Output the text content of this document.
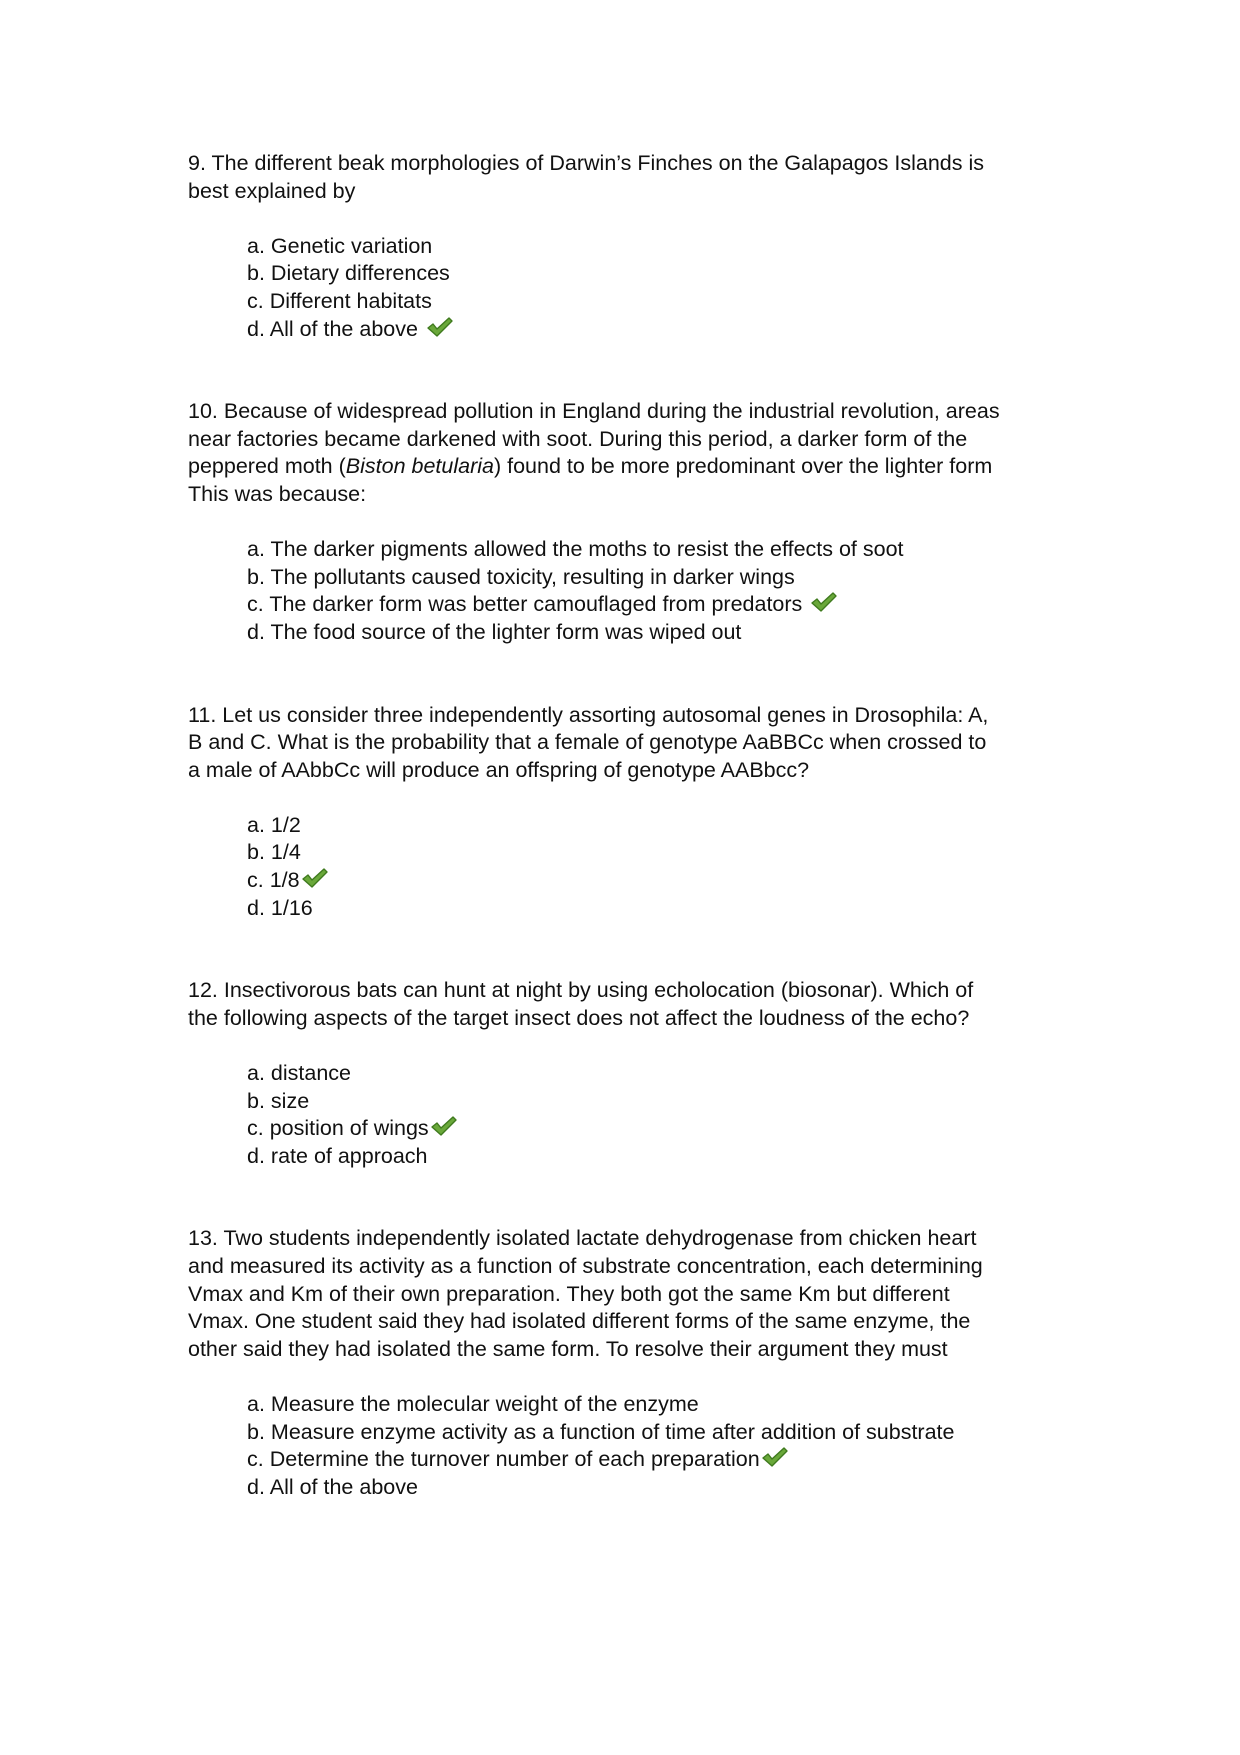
9. The different beak morphologies of Darwin’s Finches on the Galapagos Islands is
best explained by

a. Genetic variation
b. Dietary differences
c. Different habitats
d. All of the above

10. Because of widespread pollution in England during the industrial revolution, areas
near factories became darkened with soot. During this period, a darker form of the
peppered moth (Biston betularia) found to be more predominant over the lighter form
This was because:

a. The darker pigments allowed the moths to resist the effects of soot
b. The pollutants caused toxicity, resulting in darker wings
c. The darker form was better camouflaged from predators
d. The food source of the lighter form was wiped out

11. Let us consider three independently assorting autosomal genes in Drosophila: A,
B and C. What is the probability that a female of genotype AaBBCc when crossed to
a male of AAbbCc will produce an offspring of genotype AABbcc?

a. 1/2
b. 1/4
c. 1/8
d. 1/16

12. Insectivorous bats can hunt at night by using echolocation (biosonar). Which of
the following aspects of the target insect does not affect the loudness of the echo?

a. distance
b. size
c. position of wings
d. rate of approach

13. Two students independently isolated lactate dehydrogenase from chicken heart
and measured its activity as a function of substrate concentration, each determining
Vmax and Km of their own preparation. They both got the same Km but different
Vmax. One student said they had isolated different forms of the same enzyme, the
other said they had isolated the same form. To resolve their argument they must

a. Measure the molecular weight of the enzyme
b. Measure enzyme activity as a function of time after addition of substrate
c. Determine the turnover number of each preparation
d. All of the above
